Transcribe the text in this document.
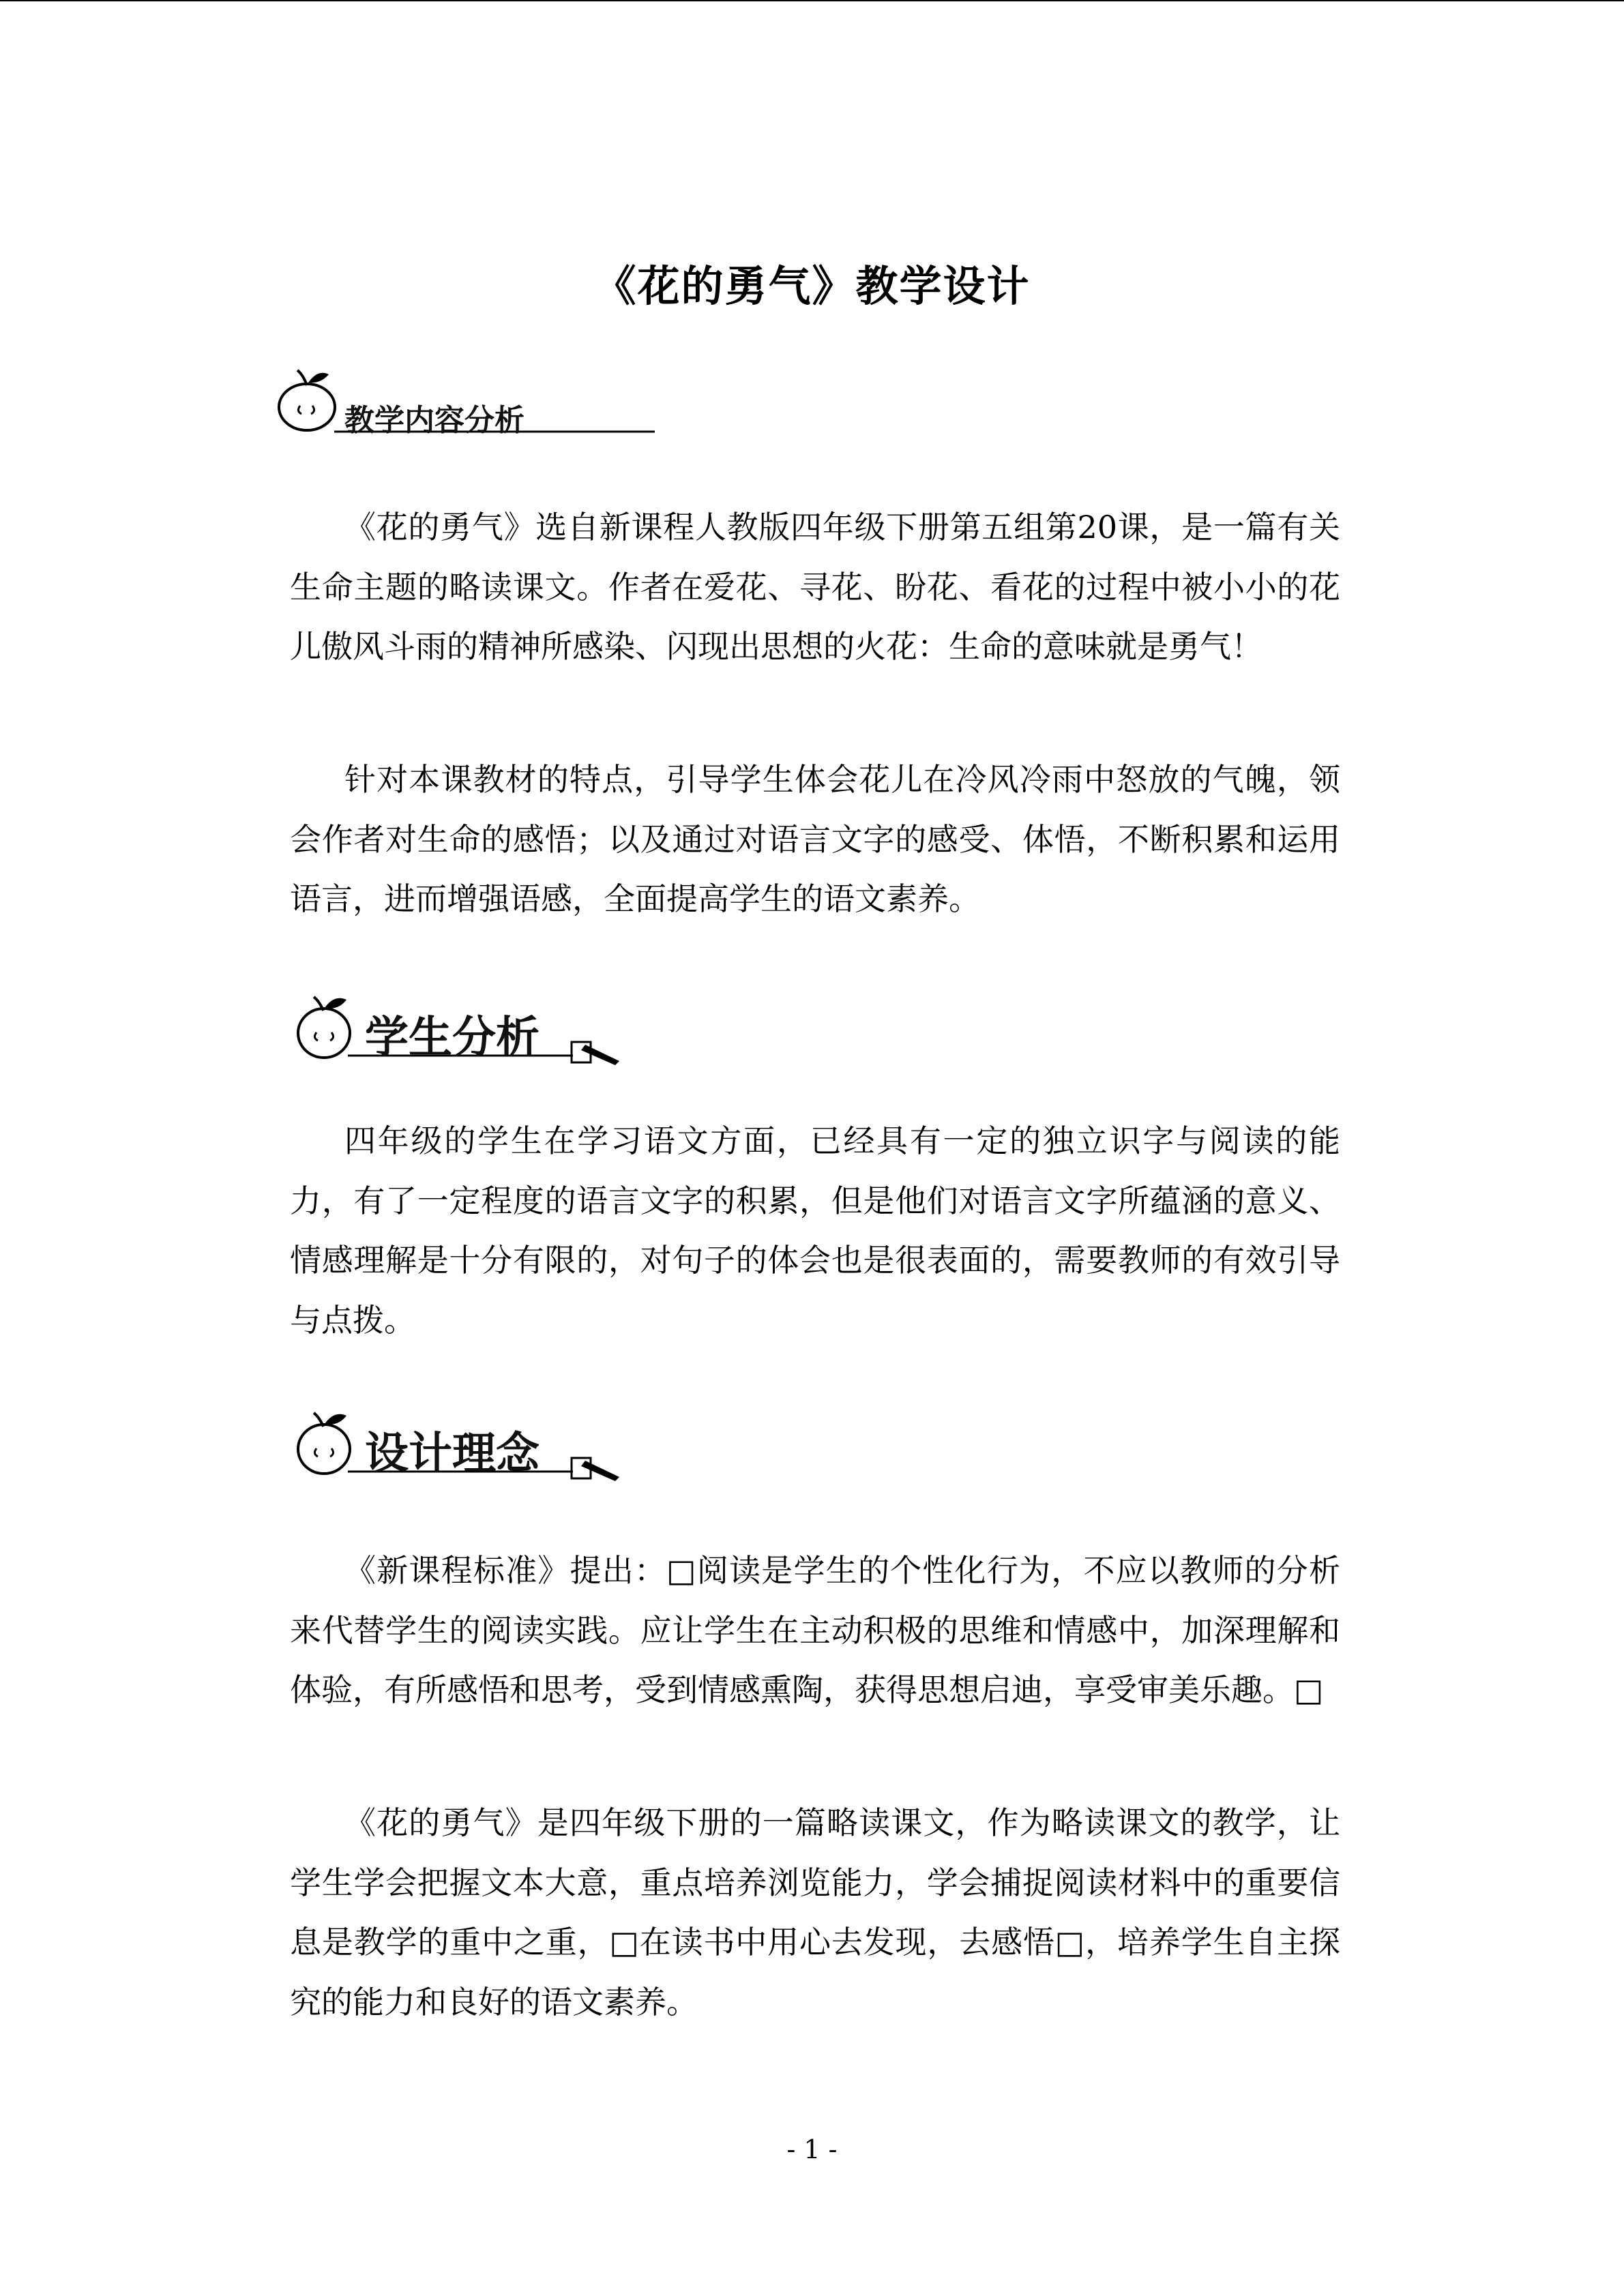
《花的勇气》教学设计
教学内容分析
《花的勇气》选自新课程人教版四年级下册第五组第20课，是一篇有关生命主题的略读课文。作者在爱花、寻花、盼花、看花的过程中被小小的花儿傲风斗雨的精神所感染、闪现出思想的火花：生命的意味就是勇气！
针对本课教材的特点，引导学生体会花儿在冷风冷雨中怒放的气魄，领会作者对生命的感悟；以及通过对语言文字的感受、体悟，不断积累和运用语言，进而增强语感，全面提高学生的语文素养。
学生分析
四年级的学生在学习语文方面，已经具有一定的独立识字与阅读的能力，有了一定程度的语言文字的积累，但是他们对语言文字所蕴涵的意义、情感理解是十分有限的，对句子的体会也是很表面的，需要教师的有效引导与点拨。
设计理念
《新课程标准》提出：□阅读是学生的个性化行为，不应以教师的分析来代替学生的阅读实践。应让学生在主动积极的思维和情感中，加深理解和体验，有所感悟和思考，受到情感熏陶，获得思想启迪，享受审美乐趣。□
《花的勇气》是四年级下册的一篇略读课文，作为略读课文的教学，让学生学会把握文本大意，重点培养浏览能力，学会捕捉阅读材料中的重要信息是教学的重中之重，□在读书中用心去发现，去感悟□，培养学生自主探究的能力和良好的语文素养。
- 1 -
